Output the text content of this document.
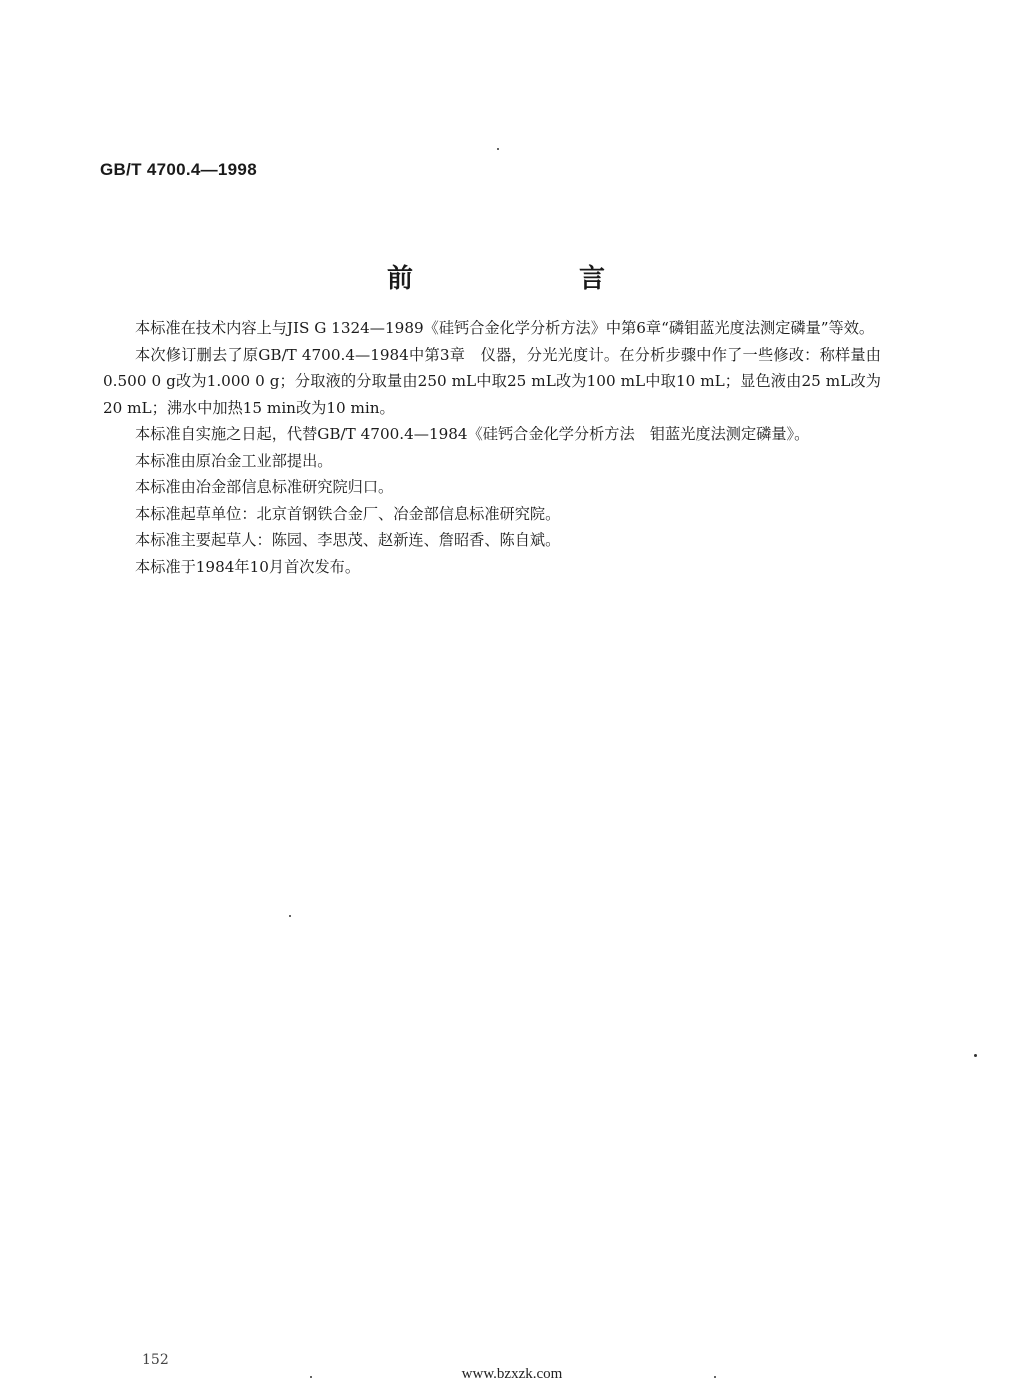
GB/T 4700.4—1998
前　言

本标准在技术内容上与JIS G 1324—1989《硅钙合金化学分析方法》中第6章“磷钼蓝光度法测定磷量”等效。

本次修订删去了原GB/T 4700.4—1984中第3章　仪器，分光光度计。在分析步骤中作了一些修改：称样量由0.500 0 g改为1.000 0 g；分取液的分取量由250 mL中取25 mL改为100 mL中取10 mL；显色液由25 mL改为20 mL；沸水中加热15 min改为10 min。

本标准自实施之日起，代替GB/T 4700.4—1984《硅钙合金化学分析方法　钼蓝光度法测定磷量》。

本标准由原冶金工业部提出。

本标准由冶金部信息标准研究院归口。

本标准起草单位：北京首钢铁合金厂、冶金部信息标准研究院。

本标准主要起草人：陈园、李思茂、赵新连、詹昭香、陈自斌。

本标准于1984年10月首次发布。

152
www.bzxzk.com
